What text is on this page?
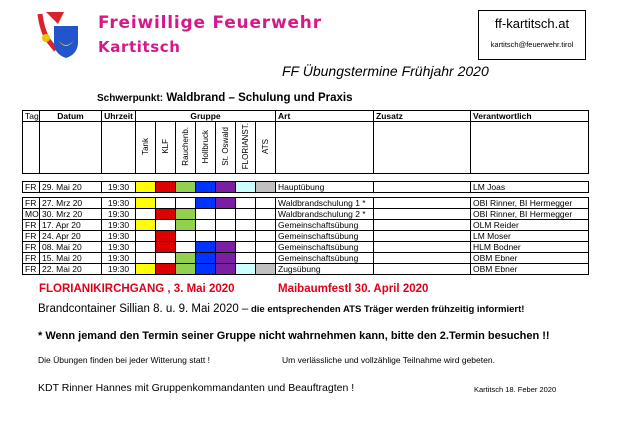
Freiwillige Feuerwehr
Kartitsch
ff-kartitsch.at
kartitsch@feuerwehr.tirol
FF Übungstermine Frühjahr 2020
Schwerpunkt: Waldbrand – Schulung und Praxis
Tag	Datum	Uhrzeit	Gruppe							Art	Zusatz	Verantwortlich
			Tank	KLF	Rauchenb.	Hollbruck	St. Oswald	FLORIANST.	ATS			

FR	29. Mai 20	19:30								Hauptübung		LM Joas

FR	27. Mrz 20	19:30								Waldbrandschulung 1 *		OBI Rinner, BI Hermegger
MO	30. Mrz 20	19:30								Waldbrandschulung 2 *		OBI Rinner, BI Hermegger
FR	17. Apr 20	19:30								Gemeinschaftsübung		OLM Reider
FR	24. Apr 20	19:30								Gemeinschaftsübung		LM Moser
FR	08. Mai 20	19:30								Gemeinschaftsübung		HLM Bodner
FR	15. Mai 20	19:30								Gemeinschaftsübung		OBM Ebner
FR	22. Mai 20	19:30								Zugsübung		OBM Ebner
FLORIANIKIRCHGANG , 3. Mai 2020	Maibaumfestl 30. April 2020
Brandcontainer Sillian 8. u. 9. Mai 2020 – die entsprechenden ATS Träger werden frühzeitig informiert!
* Wenn jemand den Termin seiner Gruppe nicht wahrnehmen kann, bitte den 2.Termin besuchen !!
Die Übungen finden bei jeder Witterung statt !	Um verlässliche und vollzählige Teilnahme wird gebeten.
KDT Rinner Hannes mit Gruppenkommandanten und Beauftragten !	Kartitsch 18. Feber 2020
